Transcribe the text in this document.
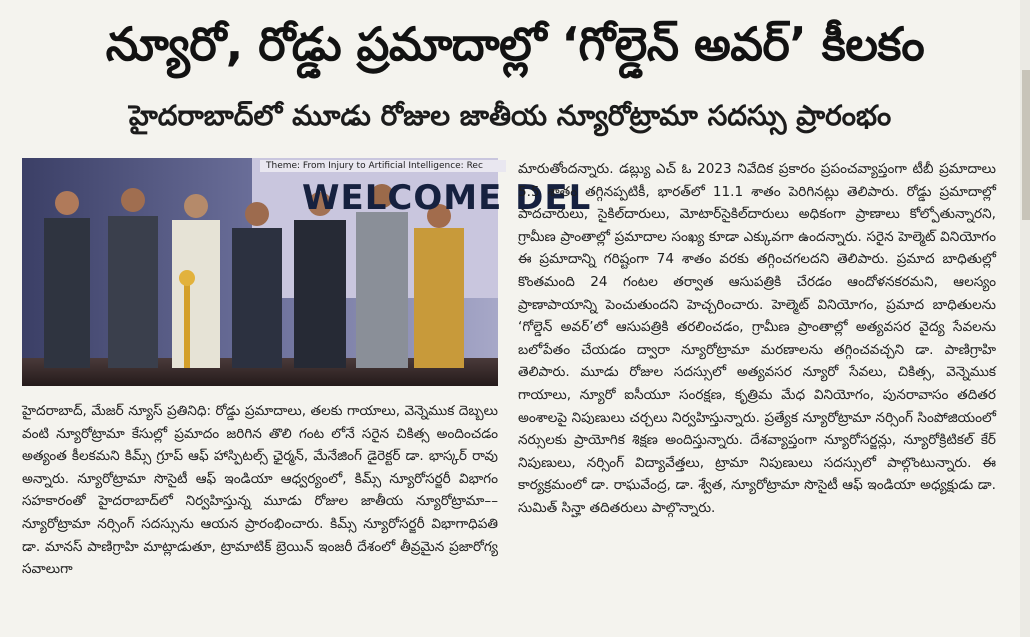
న్యూరో, రోడ్డు ప్రమాదాల్లో ‘గోల్డెన్ అవర్’ కీలకం
హైదరాబాద్‌లో మూడు రోజుల జాతీయ న్యూరోట్రామా సదస్సు ప్రారంభం
Theme: From Injury to Artificial Intelligence: Rec
WELCOME DEL
హైదరాబాద్, మేజర్ న్యూస్ ప్రతినిధి: రోడ్డు ప్రమాదాలు, తలకు గాయాలు, వెన్నెముక దెబ్బలు వంటి న్యూరోట్రామా కేసుల్లో ప్రమాదం జరిగిన తొలి గంట లోనే సరైన చికిత్స అందించడం అత్యంత కీలకమని కిమ్స్ గ్రూప్ ఆఫ్ హాస్పిటల్స్ ఛైర్మన్, మేనేజింగ్ డైరెక్టర్ డా. భాస్కర్ రావు అన్నారు. న్యూరోట్రామా సొసైటీ ఆఫ్ ఇండియా ఆధ్వర్యంలో, కిమ్స్ న్యూరోసర్జరీ విభాగం సహకారంతో హైదరాబాద్‌లో నిర్వహిస్తున్న మూడు రోజుల జాతీయ న్యూరోట్రామా––న్యూరోట్రామా నర్సింగ్ సదస్సును ఆయన ప్రారంభించారు. కిమ్స్ న్యూరోసర్జరీ విభాగాధిపతి డా. మానస్ పాణిగ్రాహి మాట్లాడుతూ, ట్రామాటిక్ బ్రెయిన్ ఇంజరీ దేశంలో తీవ్రమైన ప్రజారోగ్య సవాలుగా
మారుతోందన్నారు. డబ్ల్యు ఎచ్ ఓ 2023 నివేదిక ప్రకారం ప్రపంచవ్యాప్తంగా టీబీ ప్రమాదాలు 5.5 శాతం తగ్గినప్పటికీ, భారత్‌లో 11.1 శాతం పెరిగినట్లు తెలిపారు. రోడ్డు ప్రమాదాల్లో పాదచారులు, సైకిల్‌దారులు, మోటార్‌సైకిల్‌దారులు అధికంగా ప్రాణాలు కోల్పోతున్నారని, గ్రామీణ ప్రాంతాల్లో ప్రమాదాల సంఖ్య కూడా ఎక్కువగా ఉందన్నారు. సరైన హెల్మెట్ వినియోగం ఈ ప్రమాదాన్ని గరిష్టంగా 74 శాతం వరకు తగ్గించగలదని తెలిపారు. ప్రమాద బాధితుల్లో కొంతమంది 24 గంటల తర్వాత ఆసుపత్రికి చేరడం ఆందోళనకరమని, ఆలస్యం ప్రాణాపాయాన్ని పెంచుతుందని హెచ్చరించారు. హెల్మెట్ వినియోగం, ప్రమాద బాధితులను ‘గోల్డెన్ అవర్’లో ఆసుపత్రికి తరలించడం, గ్రామీణ ప్రాంతాల్లో అత్యవసర వైద్య సేవలను బలోపేతం చేయడం ద్వారా న్యూరోట్రామా మరణాలను తగ్గించవచ్చని డా. పాణిగ్రాహి తెలిపారు. మూడు రోజుల సదస్సులో అత్యవసర న్యూరో సేవలు, చికిత్స, వెన్నెముక గాయాలు, న్యూరో ఐసీయూ సంరక్షణ, కృత్రిమ మేధ వినియోగం, పునరావాసం తదితర అంశాలపై నిపుణులు చర్చలు నిర్వహిస్తున్నారు. ప్రత్యేక న్యూరోట్రామా నర్సింగ్ సింపోజియంలో నర్సులకు ప్రాయోగిక శిక్షణ అందిస్తున్నారు. దేశవ్యాప్తంగా న్యూరోసర్జన్లు, న్యూరోక్రిటికల్ కేర్ నిపుణులు, నర్సింగ్ విద్యావేత్తలు, ట్రామా నిపుణులు సదస్సులో పాల్గొంటున్నారు. ఈ కార్యక్రమంలో డా. రాఘవేంద్ర, డా. శ్వేత, న్యూరోట్రామా సొసైటీ ఆఫ్ ఇండియా అధ్యక్షుడు డా. సుమిత్ సిన్హా తదితరులు పాల్గొన్నారు.
